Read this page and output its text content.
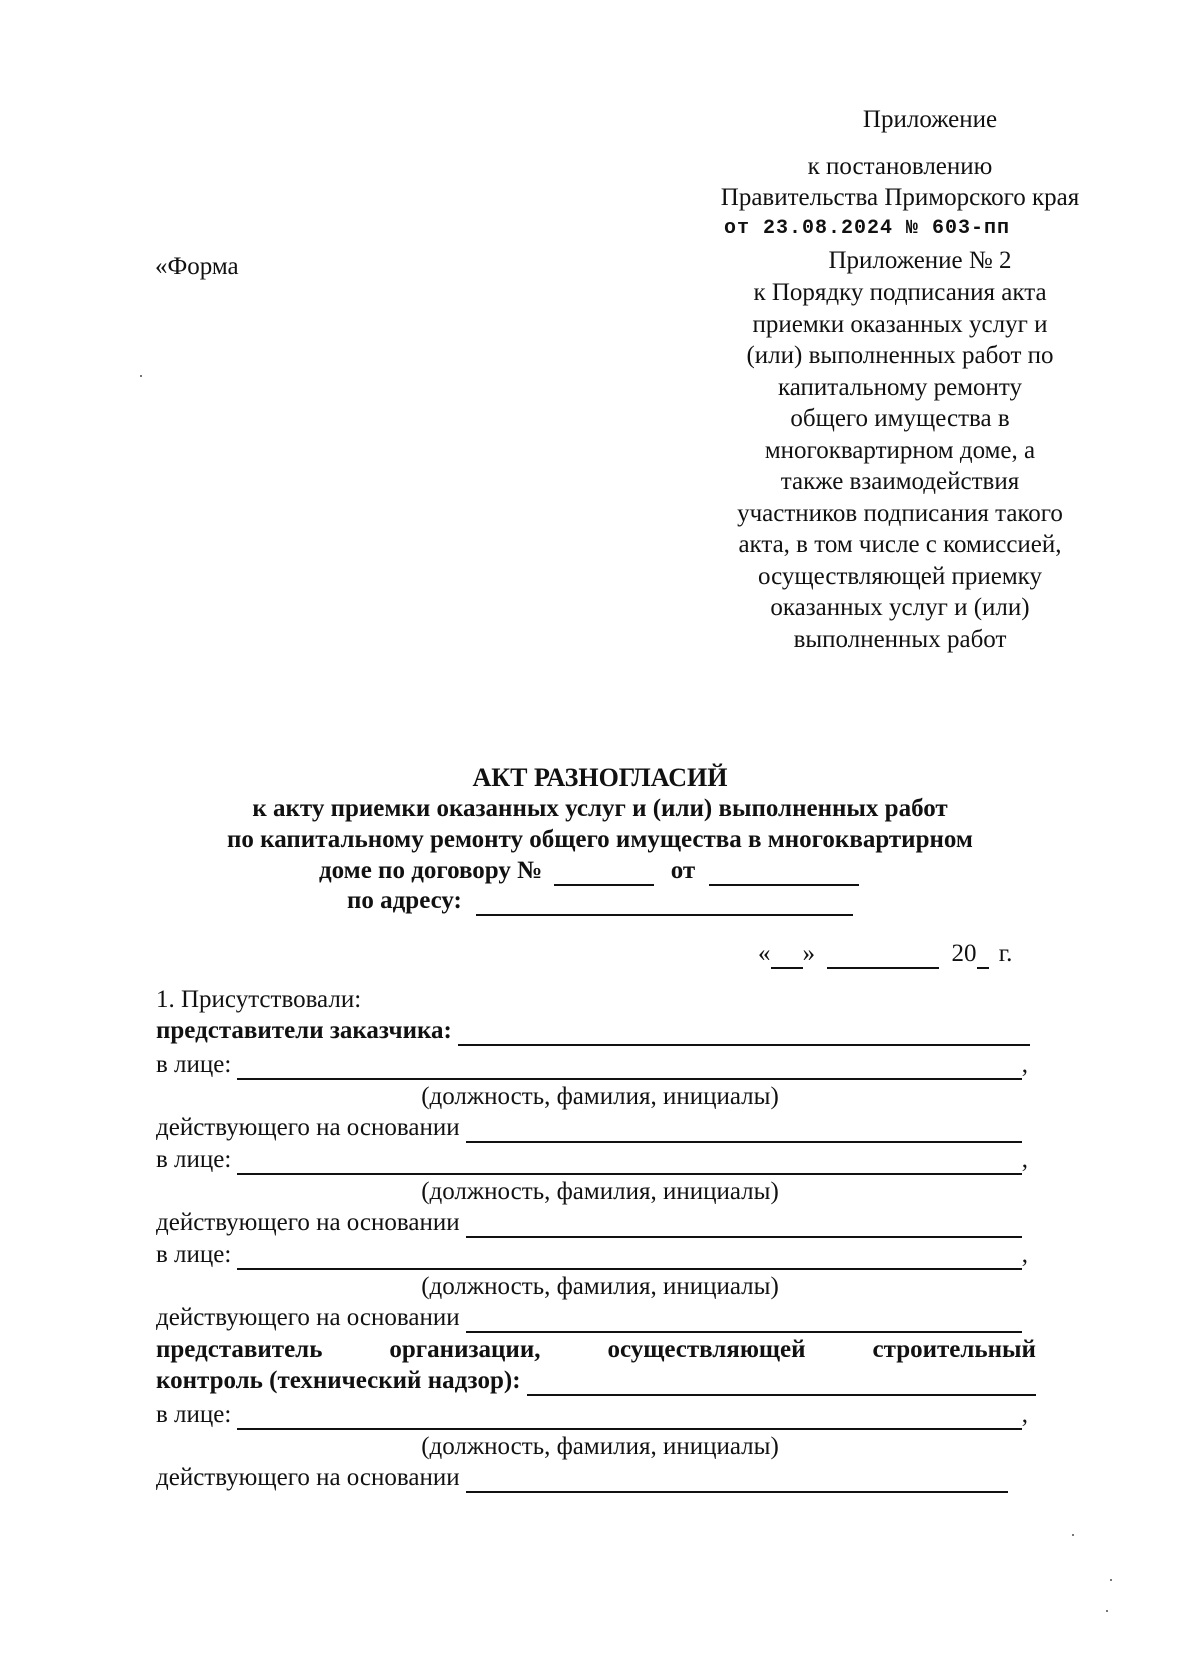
Приложение
к постановлению
Правительства Приморского края
от 23.08.2024 № 603-пп
«Форма	Приложение № 2
к Порядку подписания акта
приемки оказанных услуг и
(или) выполненных работ по
капитальному ремонту
общего имущества в
многоквартирном доме, а
также взаимодействия
участников подписания такого
акта, в том числе с комиссией,
осуществляющей приемку
оказанных услуг и (или)
выполненных работ
АКТ РАЗНОГЛАСИЙ
к акту приемки оказанных услуг и (или) выполненных работ
по капитальному ремонту общего имущества в многоквартирном
доме по договору №	от
по адресу:
« »	20 г.
1. Присутствовали:
представители заказчика:
в лице:	,
(должность, фамилия, инициалы)
действующего на основании
в лице:	,
(должность, фамилия, инициалы)
действующего на основании
в лице:	,
(должность, фамилия, инициалы)
действующего на основании
представитель	организации,	осуществляющей	строительный
контроль (технический надзор):
в лице:	,
(должность, фамилия, инициалы)
действующего на основании
